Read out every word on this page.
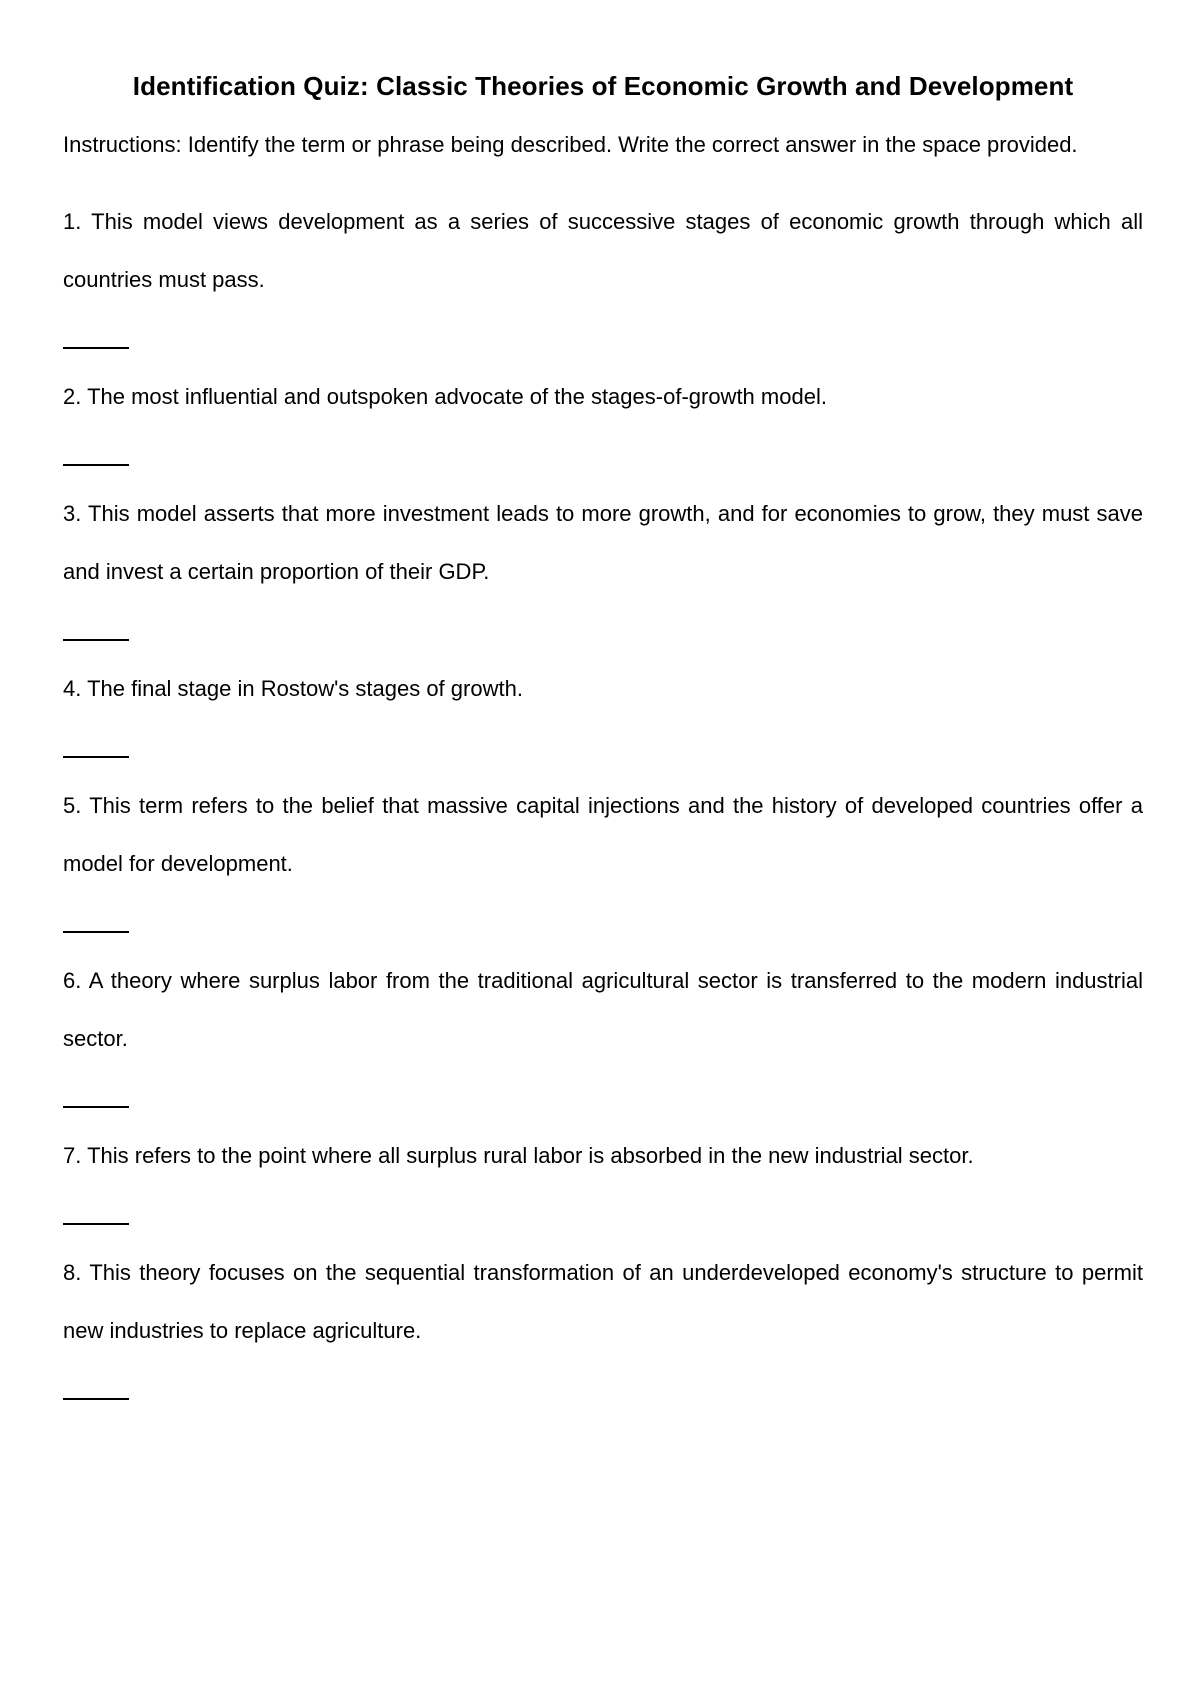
Identification Quiz: Classic Theories of Economic Growth and Development

Instructions: Identify the term or phrase being described. Write the correct answer in the space provided.

1. This model views development as a series of successive stages of economic growth through which all countries must pass.

2. The most influential and outspoken advocate of the stages-of-growth model.

3. This model asserts that more investment leads to more growth, and for economies to grow, they must save and invest a certain proportion of their GDP.

4. The final stage in Rostow's stages of growth.

5. This term refers to the belief that massive capital injections and the history of developed countries offer a model for development.

6. A theory where surplus labor from the traditional agricultural sector is transferred to the modern industrial sector.

7. This refers to the point where all surplus rural labor is absorbed in the new industrial sector.

8. This theory focuses on the sequential transformation of an underdeveloped economy's structure to permit new industries to replace agriculture.
